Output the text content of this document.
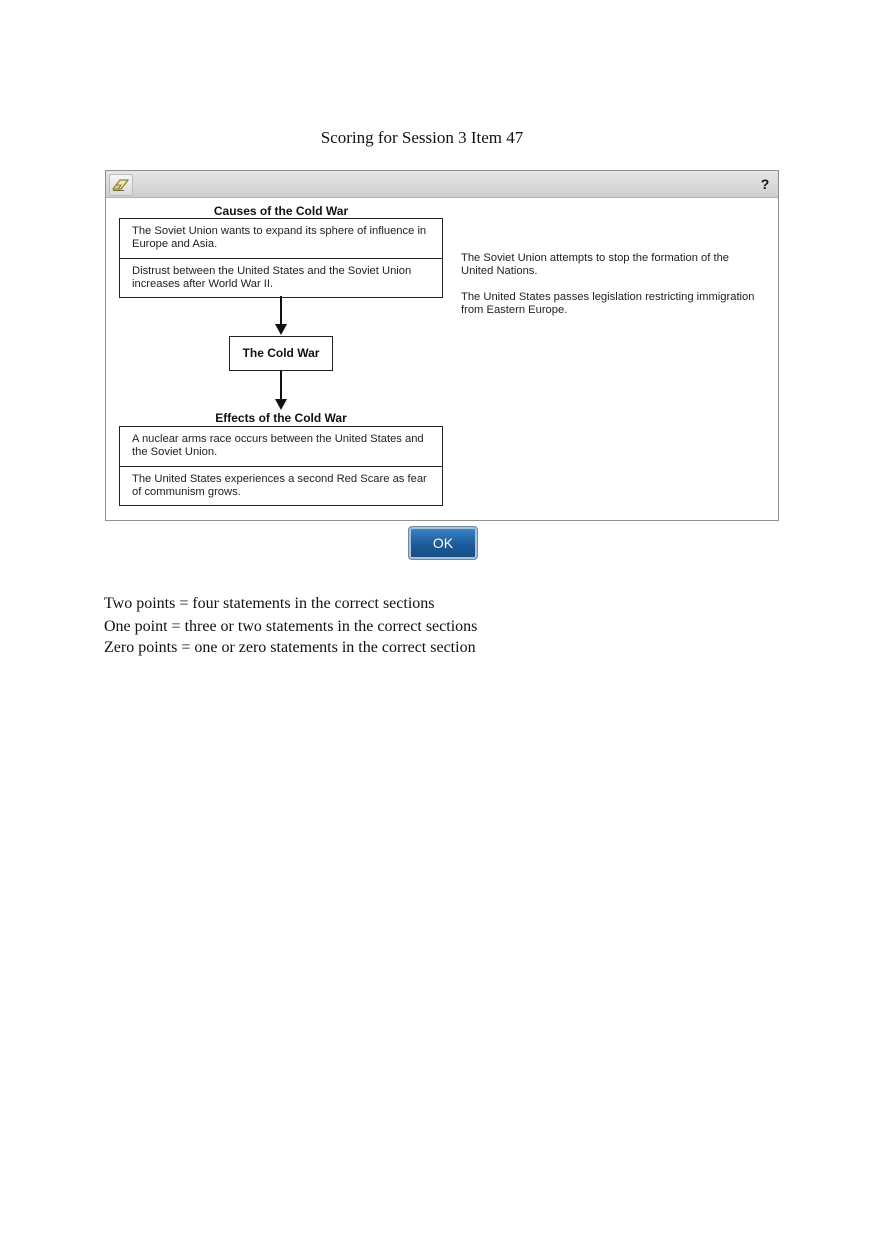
Scoring for Session 3 Item 47
?
Causes of the Cold War
The Soviet Union wants to expand its sphere of influence in Europe and Asia.
Distrust between the United States and the Soviet Union increases after World War II.
The Cold War
Effects of the Cold War
A nuclear arms race occurs between the United States and the Soviet Union.
The United States experiences a second Red Scare as fear of communism grows.
The Soviet Union attempts to stop the formation of the United Nations.
The United States passes legislation restricting immigration from Eastern Europe.
OK
Two points = four statements in the correct sections
One point = three or two statements in the correct sections
Zero points = one or zero statements in the correct section
